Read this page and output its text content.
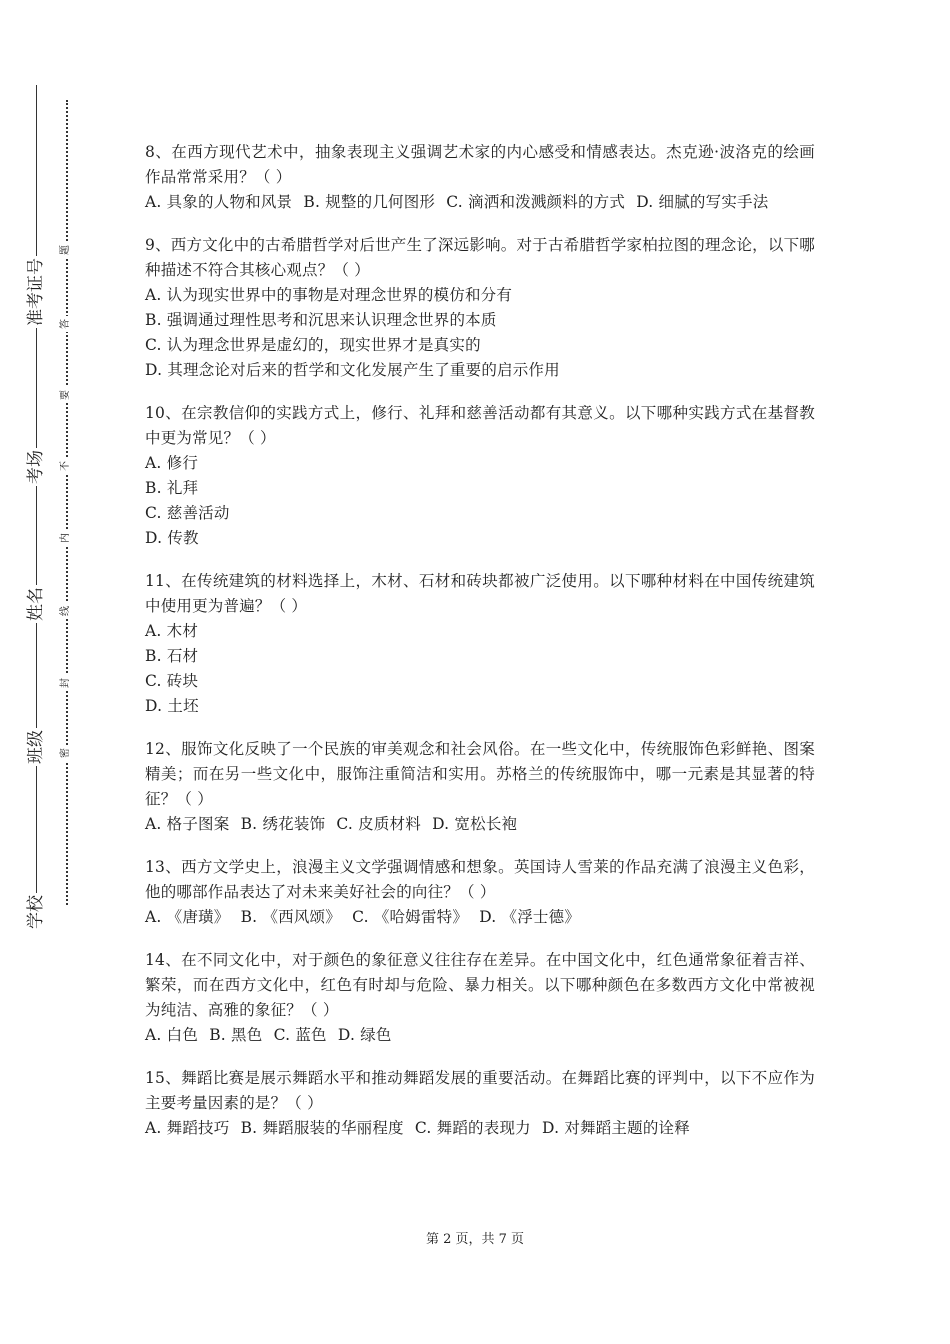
准考证号
考场
姓名
班级
学校
题
答
要
不
内
线
封
密

8、在西方现代艺术中，抽象表现主义强调艺术家的内心感受和情感表达。杰克逊·波洛克的绘画作品常常采用？（ ）

A. 具象的人物和风景 B. 规整的几何图形 C. 滴洒和泼溅颜料的方式 D. 细腻的写实手法

9、西方文化中的古希腊哲学对后世产生了深远影响。对于古希腊哲学家柏拉图的理念论，以下哪种描述不符合其核心观点？（ ）

A. 认为现实世界中的事物是对理念世界的模仿和分有

B. 强调通过理性思考和沉思来认识理念世界的本质

C. 认为理念世界是虚幻的，现实世界才是真实的

D. 其理念论对后来的哲学和文化发展产生了重要的启示作用

10、在宗教信仰的实践方式上，修行、礼拜和慈善活动都有其意义。以下哪种实践方式在基督教中更为常见？（ ）

A. 修行

B. 礼拜

C. 慈善活动

D. 传教

11、在传统建筑的材料选择上，木材、石材和砖块都被广泛使用。以下哪种材料在中国传统建筑中使用更为普遍？（ ）

A. 木材

B. 石材

C. 砖块

D. 土坯

12、服饰文化反映了一个民族的审美观念和社会风俗。在一些文化中，传统服饰色彩鲜艳、图案精美；而在另一些文化中，服饰注重简洁和实用。苏格兰的传统服饰中，哪一元素是其显著的特征？（ ）

A. 格子图案 B. 绣花装饰 C. 皮质材料 D. 宽松长袍

13、西方文学史上，浪漫主义文学强调情感和想象。英国诗人雪莱的作品充满了浪漫主义色彩，他的哪部作品表达了对未来美好社会的向往？（ ）

A. 《唐璜》 B. 《西风颂》 C. 《哈姆雷特》 D. 《浮士德》

14、在不同文化中，对于颜色的象征意义往往存在差异。在中国文化中，红色通常象征着吉祥、繁荣，而在西方文化中，红色有时却与危险、暴力相关。以下哪种颜色在多数西方文化中常被视为纯洁、高雅的象征？（ ）

A. 白色 B. 黑色 C. 蓝色 D. 绿色

15、舞蹈比赛是展示舞蹈水平和推动舞蹈发展的重要活动。在舞蹈比赛的评判中，以下不应作为主要考量因素的是？（ ）

A. 舞蹈技巧 B. 舞蹈服装的华丽程度 C. 舞蹈的表现力 D. 对舞蹈主题的诠释

第 2 页，共 7 页
